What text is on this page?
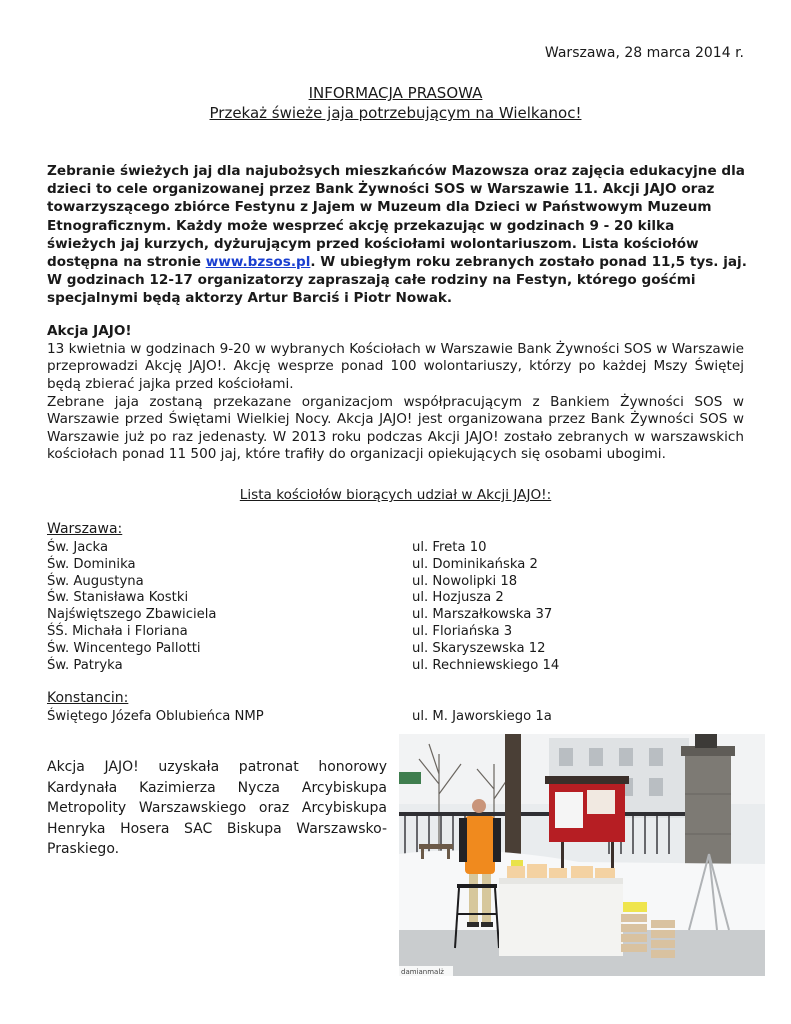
Warszawa, 28 marca 2014 r.
INFORMACJA PRASOWA
Przekaż świeże jaja potrzebującym na Wielkanoc!
Zebranie świeżych jaj dla najubożsych mieszkańców Mazowsza oraz zajęcia edukacyjne dla dzieci to cele organizowanej przez Bank Żywności SOS w Warszawie 11. Akcji JAJO oraz towarzyszącego zbiórce Festynu z Jajem w Muzeum dla Dzieci w Państwowym Muzeum Etnograficznym. Każdy może wesprzeć akcję przekazując w godzinach 9 - 20 kilka świeżych jaj kurzych, dyżurującym przed kościołami wolontariuszom. Lista kościołów dostępna na stronie www.bzsos.pl. W ubiegłym roku zebranych zostało ponad 11,5 tys. jaj. W godzinach 12-17 organizatorzy zapraszają całe rodziny na Festyn, którego gośćmi specjalnymi będą aktorzy Artur Barciś i Piotr Nowak.
Akcja JAJO!
13 kwietnia w godzinach 9-20 w wybranych Kościołach w Warszawie Bank Żywności SOS w Warszawie przeprowadzi Akcję JAJO!. Akcję wesprze ponad 100 wolontariuszy, którzy po każdej Mszy Świętej będą zbierać jajka przed kościołami.
Zebrane jaja zostaną przekazane organizacjom współpracującym z Bankiem Żywności SOS w Warszawie przed Świętami Wielkiej Nocy. Akcja JAJO! jest organizowana przez Bank Żywności SOS w Warszawie już po raz jedenasty. W 2013 roku podczas Akcji JAJO! zostało zebranych w warszawskich kościołach ponad 11 500 jaj, które trafiły do organizacji opiekujących się osobami ubogimi.
Lista kościołów biorących udział w Akcji JAJO!:
Warszawa:
Św. Jacka	ul. Freta 10
Św. Dominika	ul. Dominikańska 2
Św. Augustyna	ul. Nowolipki 18
Św. Stanisława Kostki	ul. Hozjusza 2
Najświętszego Zbawiciela	ul. Marszałkowska 37
ŚŚ. Michała i Floriana	ul. Floriańska 3
Św. Wincentego Pallotti	ul. Skaryszewska 12
Św. Patryka	ul. Rechniewskiego 14
Konstancin:
Świętego Józefa Oblubieńca NMP	ul. M. Jaworskiego 1a
Akcja JAJO! uzyskała patronat honorowy Kardynała Kazimierza Nycza Arcybiskupa Metropolity Warszawskiego oraz Arcybiskupa Henryka Hosera SAC Biskupa Warszawsko-Praskiego.
damianmalż
